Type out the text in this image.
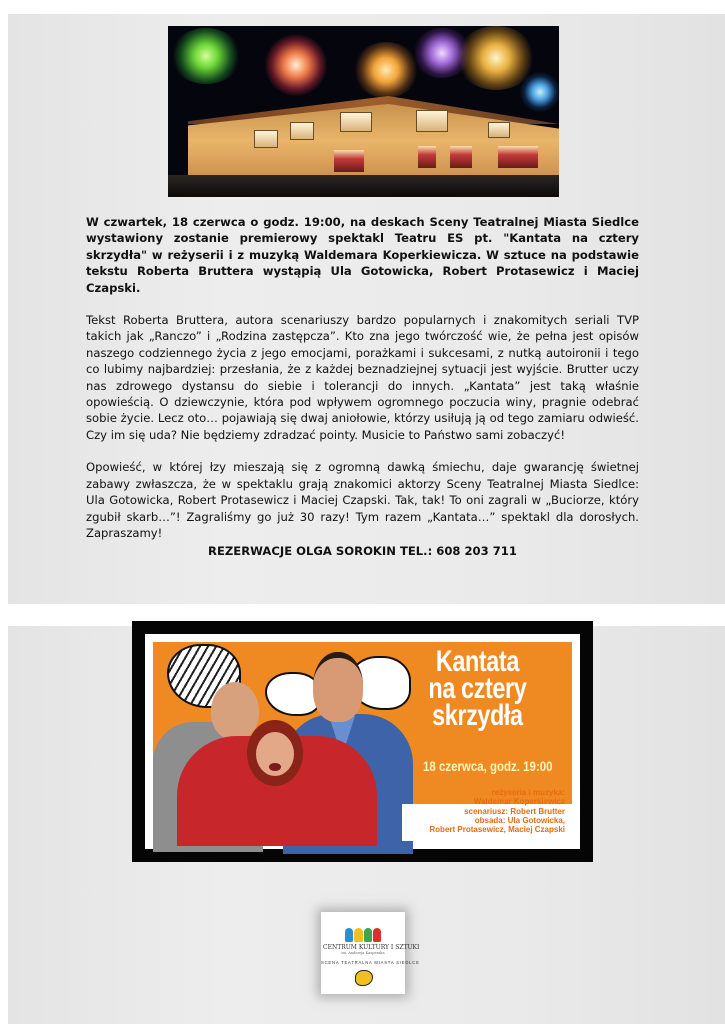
W czwartek, 18 czerwca o godz. 19:00, na deskach Sceny Teatralnej Miasta Siedlce wystawiony zostanie premierowy spektakl Teatru ES pt. "Kantata na cztery skrzydła" w reżyserii i z muzyką Waldemara Koperkiewicza. W sztuce na podstawie tekstu Roberta Bruttera wystąpią Ula Gotowicka, Robert Protasewicz i Maciej Czapski.

Tekst Roberta Bruttera, autora scenariuszy bardzo popularnych i znakomitych seriali TVP takich jak „Ranczo” i „Rodzina zastępcza”. Kto zna jego twórczość wie, że pełna jest opisów naszego codziennego życia z jego emocjami, porażkami i sukcesami, z nutką autoironii i tego co lubimy najbardziej: przesłania, że z każdej beznadziejnej sytuacji jest wyjście. Brutter uczy nas zdrowego dystansu do siebie i tolerancji do innych. „Kantata” jest taką właśnie opowieścią. O dziewczynie, która pod wpływem ogromnego poczucia winy, pragnie odebrać sobie życie. Lecz oto… pojawiają się dwaj aniołowie, którzy usiłują ją od tego zamiaru odwieść. Czy im się uda? Nie będziemy zdradzać pointy. Musicie to Państwo sami zobaczyć!

Opowieść, w której łzy mieszają się z ogromną dawką śmiechu, daje gwarancję świetnej zabawy zwłaszcza, że w spektaklu grają znakomici aktorzy Sceny Teatralnej Miasta Siedlce: Ula Gotowicka, Robert Protasewicz i Maciej Czapski. Tak, tak! To oni zagrali w „Buciorze, który zgubił skarb…”! Zagraliśmy go już 30 razy! Tym razem „Kantata…” spektakl dla dorosłych. Zapraszamy!

REZERWACJE OLGA SOROKIN TEL.: 608 203 711

Kantata
na cztery
skrzydła
18 czerwca, godz. 19:00
reżyseria i muzyka:
Waldemar Koperkiewicz
scenariusz: Robert Brutter
obsada: Ula Gotowicka,
Robert Protasewicz, Maciej Czapski
CENTRUM KULTURY I SZTUKI
im. Andrzeja Kasprzaka
SCENA TEATRALNA MIASTA SIEDLCE
